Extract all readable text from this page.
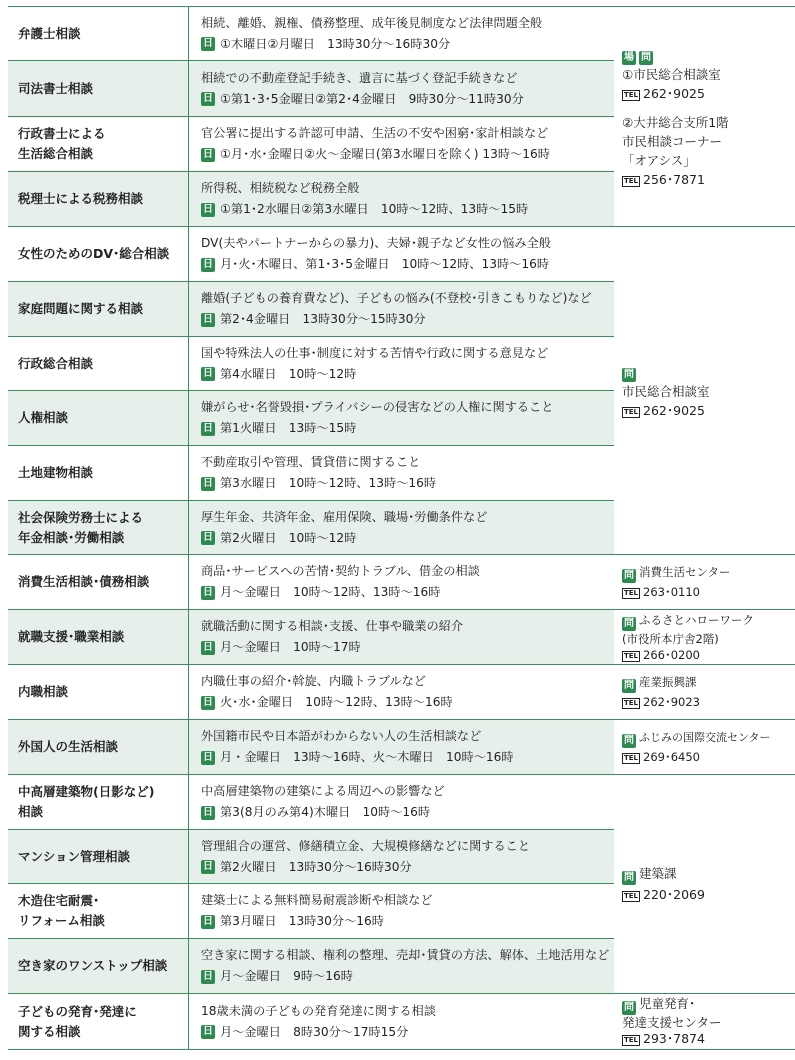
弁護士相談
相続、離婚、親権、債務整理、成年後見制度など法律問題全般
日 ①木曜日②月曜日　13時30分～16時30分
司法書士相談
相続での不動産登記手続き、遺言に基づく登記手続きなど
日 ①第1･3･5金曜日②第2･4金曜日　9時30分～11時30分
行政書士による
生活総合相談
官公署に提出する許認可申請、生活の不安や困窮･家計相談など
日 ①月･水･金曜日②火～金曜日(第3水曜日を除く) 13時～16時
税理士による税務相談
所得税、相続税など税務全般
日 ①第1･2水曜日②第3水曜日　10時～12時、13時～15時
女性のためのDV･総合相談
DV(夫やパートナーからの暴力)、夫婦･親子など女性の悩み全般
日 月･火･木曜日、第1･3･5金曜日　10時～12時、13時～16時
家庭問題に関する相談
離婚(子どもの養育費など)、子どもの悩み(不登校･引きこもりなど)など
日 第2･4金曜日　13時30分～15時30分
行政総合相談
国や特殊法人の仕事･制度に対する苦情や行政に関する意見など
日 第4水曜日　10時～12時
人権相談
嫌がらせ･名誉毀損･プライバシーの侵害などの人権に関すること
日 第1火曜日　13時～15時
土地建物相談
不動産取引や管理、賃貸借に関すること
日 第3水曜日　10時～12時、13時～16時
社会保険労務士による
年金相談･労働相談
厚生年金、共済年金、雇用保険、職場･労働条件など
日 第2火曜日　10時～12時
消費生活相談･債務相談
商品･サービスへの苦情･契約トラブル、借金の相談
日 月～金曜日　10時～12時、13時～16時
就職支援･職業相談
就職活動に関する相談･支援、仕事や職業の紹介
日 月～金曜日　10時～17時
内職相談
内職仕事の紹介･斡旋、内職トラブルなど
日 火･水･金曜日　10時～12時、13時～16時
外国人の生活相談
外国籍市民や日本語がわからない人の生活相談など
日 月・金曜日　13時～16時、火～木曜日　10時～16時
中高層建築物(日影など)
相談
中高層建築物の建築による周辺への影響など
日 第3(8月のみ第4)木曜日　10時～16時
マンション管理相談
管理組合の運営、修繕積立金、大規模修繕などに関すること
日 第2火曜日　13時30分～16時30分
木造住宅耐震･
リフォーム相談
建築士による無料簡易耐震診断や相談など
日 第3月曜日　13時30分～16時
空き家のワンストップ相談
空き家に関する相談、権利の整理、売却･賃貸の方法、解体、土地活用など
日 月～金曜日　9時～16時
子どもの発育･発達に
関する相談
18歳未満の子どもの発育発達に関する相談
日 月～金曜日　8時30分～17時15分
場 問
①市民総合相談室
TEL 262･9025
②大井総合支所1階
市民相談コーナー
「オアシス」
TEL 256･7871
問
市民総合相談室
TEL 262･9025
問 消費生活センター
TEL 263･0110
問 ふるさとハローワーク
(市役所本庁舎2階)
TEL 266･0200
問 産業振興課
TEL 262･9023
問 ふじみの国際交流センター
TEL 269･6450
問 建築課
TEL 220･2069
問 児童発育･
発達支援センター
TEL 293･7874
